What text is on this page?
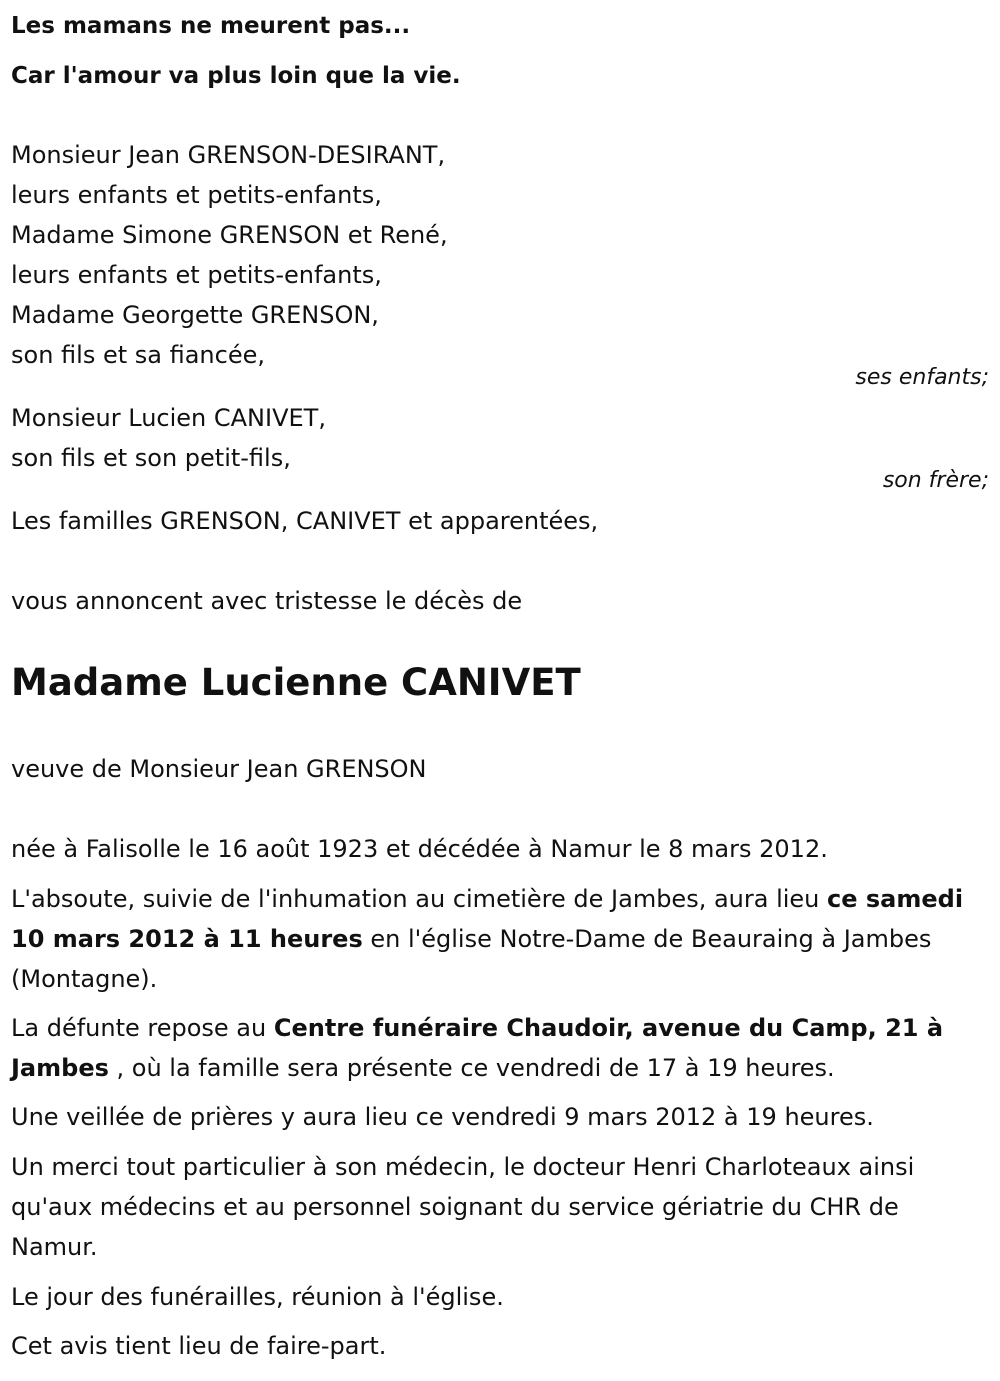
Les mamans ne meurent pas...
Car l'amour va plus loin que la vie.
Monsieur Jean GRENSON-DESIRANT,
leurs enfants et petits-enfants,
Madame Simone GRENSON et René,
leurs enfants et petits-enfants,
Madame Georgette GRENSON,
son fils et sa fiancée,
ses enfants;
Monsieur Lucien CANIVET,
son fils et son petit-fils,
son frère;
Les familles GRENSON, CANIVET et apparentées,
vous annoncent avec tristesse le décès de
Madame Lucienne CANIVET
veuve de Monsieur Jean GRENSON
née à Falisolle le 16 août 1923 et décédée à Namur le 8 mars 2012.
L'absoute, suivie de l'inhumation au cimetière de Jambes, aura lieu ce samedi 10 mars 2012 à 11 heures en l'église Notre-Dame de Beauraing à Jambes (Montagne).
La défunte repose au Centre funéraire Chaudoir, avenue du Camp, 21 à Jambes , où la famille sera présente ce vendredi de 17 à 19 heures.
Une veillée de prières y aura lieu ce vendredi 9 mars 2012 à 19 heures.
Un merci tout particulier à son médecin, le docteur Henri Charloteaux ainsi qu'aux médecins et au personnel soignant du service gériatrie du CHR de Namur.
Le jour des funérailles, réunion à l'église.
Cet avis tient lieu de faire-part.
